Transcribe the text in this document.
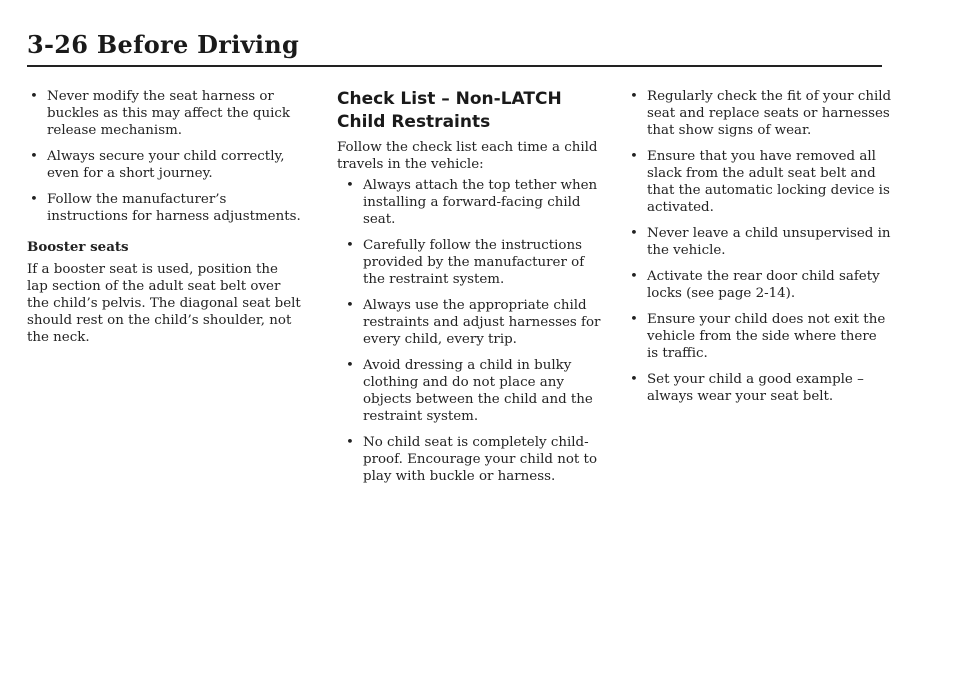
3-26 Before Driving
• Never modify the seat harness or buckles as this may affect the quick release mechanism.
• Always secure your child correctly, even for a short journey.
• Follow the manufacturer’s instructions for harness adjustments.
Booster seats

If a booster seat is used, position the lap section of the adult seat belt over the child’s pelvis. The diagonal seat belt should rest on the child’s shoulder, not the neck.

Check List – Non-LATCH Child Restraints

Follow the check list each time a child travels in the vehicle:

• Always attach the top tether when installing a forward-facing child seat.
• Carefully follow the instructions provided by the manufacturer of the restraint system.
• Always use the appropriate child restraints and adjust harnesses for every child, every trip.
• Avoid dressing a child in bulky clothing and do not place any objects between the child and the restraint system.
• No child seat is completely child-proof. Encourage your child not to play with buckle or harness.
• Regularly check the fit of your child seat and replace seats or harnesses that show signs of wear.
• Ensure that you have removed all slack from the adult seat belt and that the automatic locking device is activated.
• Never leave a child unsupervised in the vehicle.
• Activate the rear door child safety locks (see page 2-14).
• Ensure your child does not exit the vehicle from the side where there is traffic.
• Set your child a good example – always wear your seat belt.
